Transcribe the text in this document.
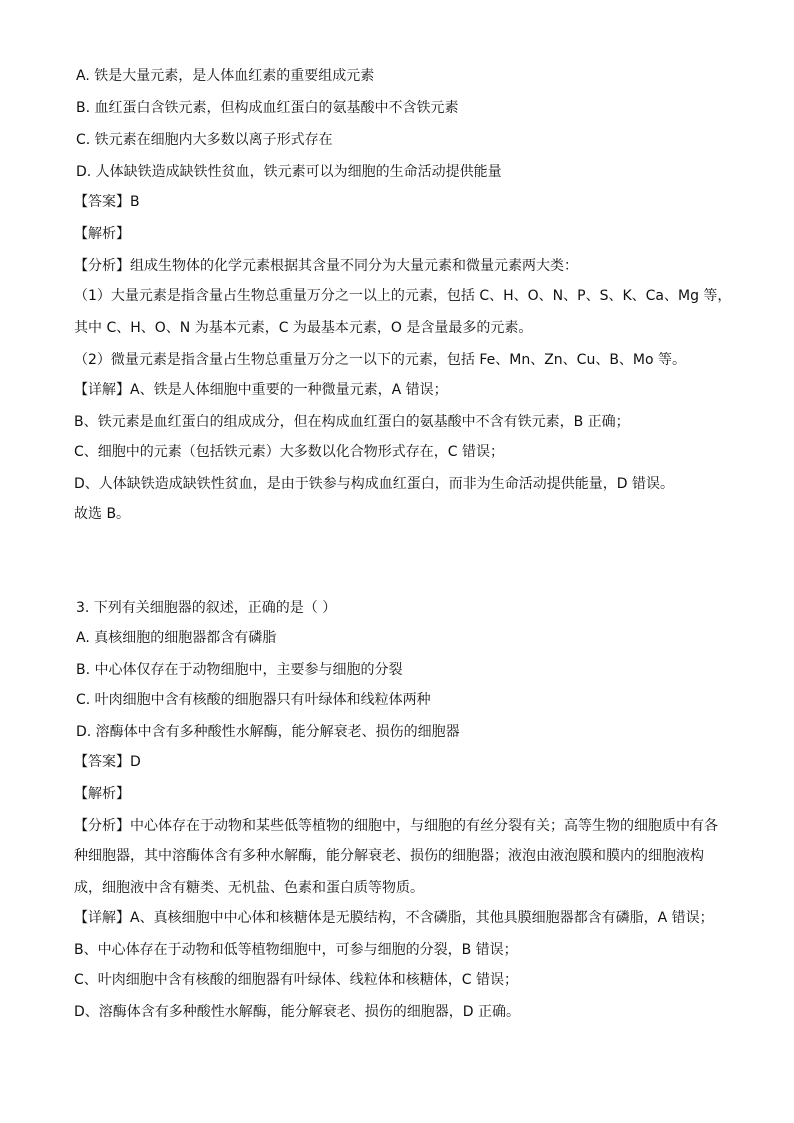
A. 铁是大量元素，是人体血红素的重要组成元素
B. 血红蛋白含铁元素，但构成血红蛋白的氨基酸中不含铁元素
C. 铁元素在细胞内大多数以离子形式存在
D. 人体缺铁造成缺铁性贫血，铁元素可以为细胞的生命活动提供能量
【答案】B
【解析】
【分析】组成生物体的化学元素根据其含量不同分为大量元素和微量元素两大类：
（1）大量元素是指含量占生物总重量万分之一以上的元素，包括 C、H、O、N、P、S、K、Ca、Mg 等，
其中 C、H、O、N 为基本元素，C 为最基本元素，O 是含量最多的元素。
（2）微量元素是指含量占生物总重量万分之一以下的元素，包括 Fe、Mn、Zn、Cu、B、Mo 等。
【详解】A、铁是人体细胞中重要的一种微量元素，A 错误；
B、铁元素是血红蛋白的组成成分，但在构成血红蛋白的氨基酸中不含有铁元素，B 正确；
C、细胞中的元素（包括铁元素）大多数以化合物形式存在，C 错误；
D、人体缺铁造成缺铁性贫血，是由于铁参与构成血红蛋白，而非为生命活动提供能量，D 错误。
故选 B。
3. 下列有关细胞器的叙述，正确的是（ ）
A. 真核细胞的细胞器都含有磷脂
B. 中心体仅存在于动物细胞中，主要参与细胞的分裂
C. 叶肉细胞中含有核酸的细胞器只有叶绿体和线粒体两种
D. 溶酶体中含有多种酸性水解酶，能分解衰老、损伤的细胞器
【答案】D
【解析】
【分析】中心体存在于动物和某些低等植物的细胞中，与细胞的有丝分裂有关；高等生物的细胞质中有各
种细胞器，其中溶酶体含有多种水解酶，能分解衰老、损伤的细胞器；液泡由液泡膜和膜内的细胞液构
成，细胞液中含有糖类、无机盐、色素和蛋白质等物质。
【详解】A、真核细胞中中心体和核糖体是无膜结构，不含磷脂，其他具膜细胞器都含有磷脂，A 错误；
B、中心体存在于动物和低等植物细胞中，可参与细胞的分裂，B 错误；
C、叶肉细胞中含有核酸的细胞器有叶绿体、线粒体和核糖体，C 错误；
D、溶酶体含有多种酸性水解酶，能分解衰老、损伤的细胞器，D 正确。
